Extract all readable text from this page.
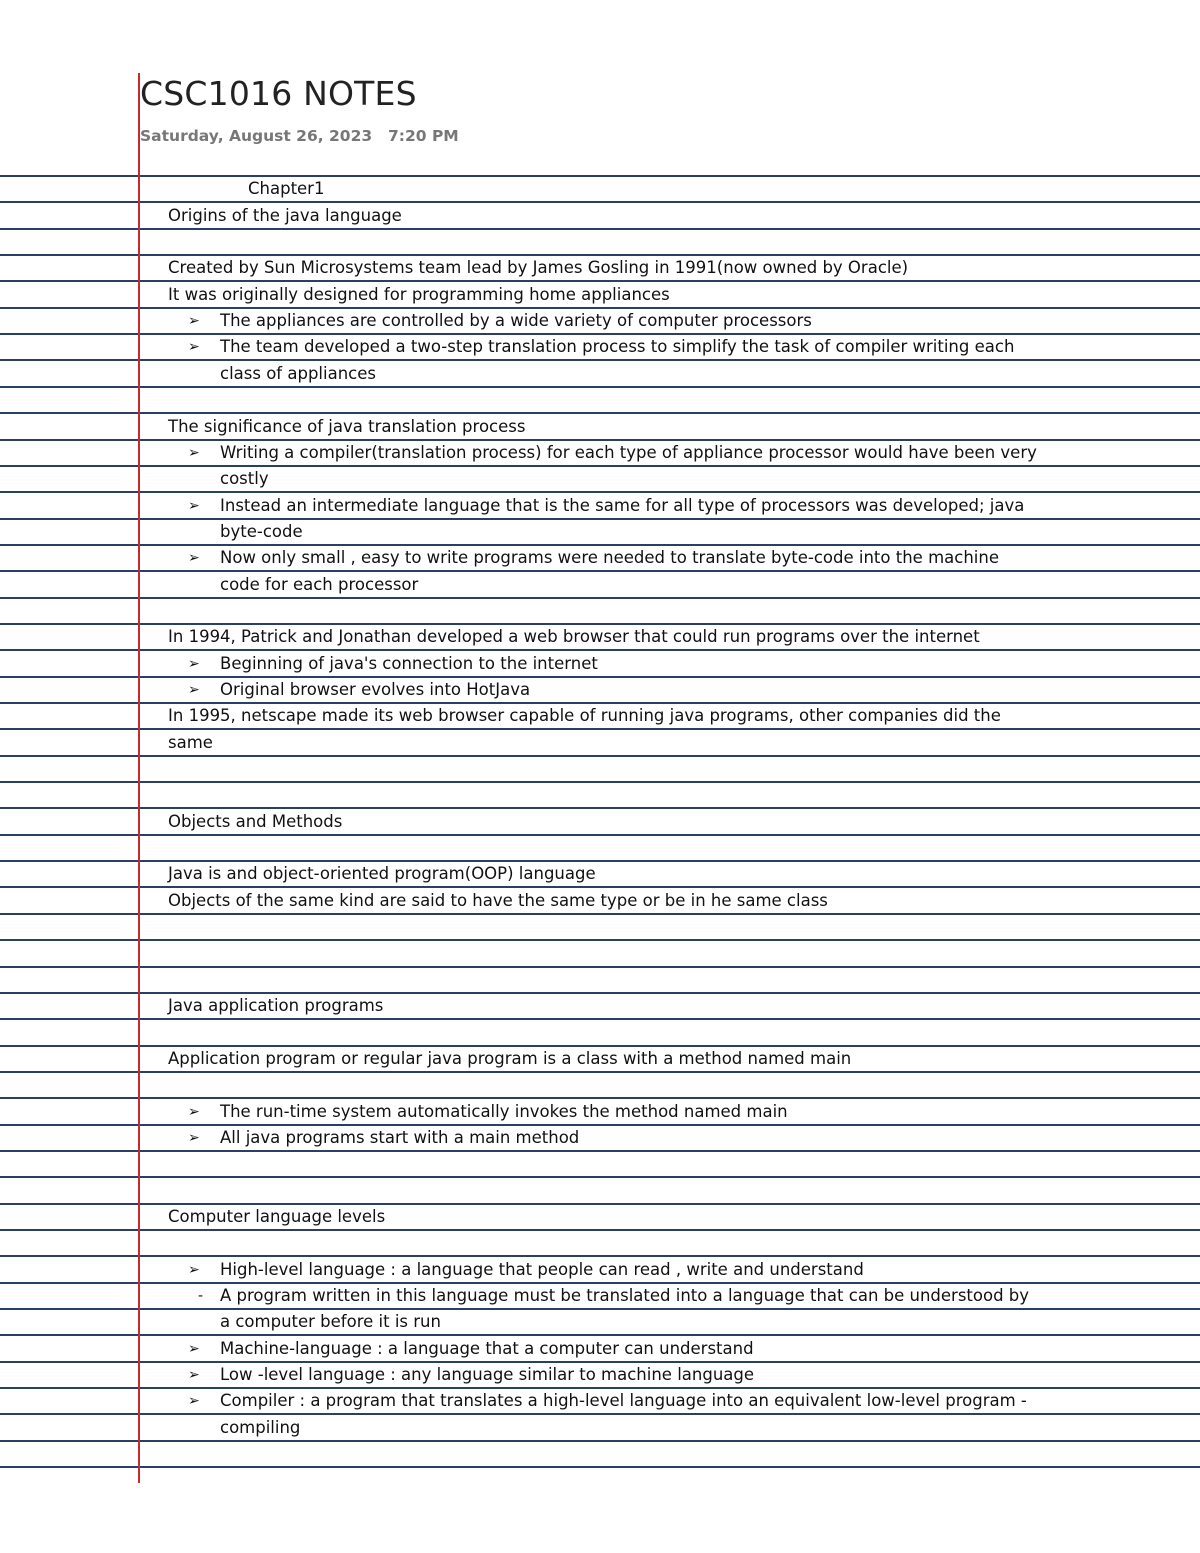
CSC1016 NOTES
Saturday, August 26, 2023 7:20 PM
Chapter1
Origins of the java language
Created by Sun Microsystems team lead by James Gosling in 1991(now owned by Oracle)
It was originally designed for programming home appliances
➢ The appliances are controlled by a wide variety of computer processors
➢ The team developed a two-step translation process to simplify the task of compiler writing each
class of appliances
The significance of java translation process
➢ Writing a compiler(translation process) for each type of appliance processor would have been very
costly
➢ Instead an intermediate language that is the same for all type of processors was developed; java
byte-code
➢ Now only small , easy to write programs were needed to translate byte-code into the machine
code for each processor
In 1994, Patrick and Jonathan developed a web browser that could run programs over the internet
➢ Beginning of java's connection to the internet
➢ Original browser evolves into HotJava
In 1995, netscape made its web browser capable of running java programs, other companies did the
same
Objects and Methods
Java is and object-oriented program(OOP) language
Objects of the same kind are said to have the same type or be in he same class
Java application programs
Application program or regular java program is a class with a method named main
➢ The run-time system automatically invokes the method named main
➢ All java programs start with a main method
Computer language levels
➢ High-level language : a language that people can read , write and understand
- A program written in this language must be translated into a language that can be understood by
a computer before it is run
➢ Machine-language : a language that a computer can understand
➢ Low -level language : any language similar to machine language
➢ Compiler : a program that translates a high-level language into an equivalent low-level program -
compiling
